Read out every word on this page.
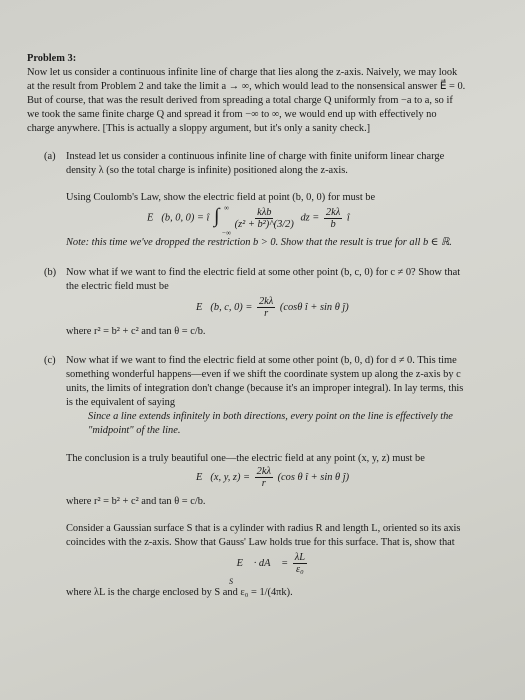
Problem 3:
Now let us consider a continuous infinite line of charge that lies along the z-axis. Naively, we may look
at the result from Problem 2 and take the limit a → ∞, which would lead to the nonsensical answer E⃗ = 0.
But of course, that was the result derived from spreading a total charge Q uniformly from −a to a, so if
we took the same finite charge Q and spread it from −∞ to ∞, we would end up with effectively no
charge anywhere. [This is actually a sloppy argument, but it's only a sanity check.]
(a) Instead let us consider a continuous infinite line of charge with finite uniform linear charge
density λ (so the total charge is infinite) positioned along the z-axis.
Using Coulomb's Law, show the electric field at point (b, 0, 0) for must be
E⃗(b, 0, 0) = î ∫ ∞
−∞

$\frac{\text{kλb}}{\text{(z² + b²)\textasciicircum{}(3/2)}}$ dz = $\frac{2k\lambda}{b}$ î
Note: this time we've dropped the restriction b > 0. Show that the result is true for all b ∈ ℝ.
(b) Now what if we want to find the electric field at some other point (b, c, 0) for c ≠ 0? Show that
the electric field must be
E⃗(b, c, $0) = \frac{2k\lambda}{r} (\cos\theta$ î + sin θ ĵ)
where r² = b² + c² and tan θ = c/b.
(c) Now what if we want to find the electric field at some other point (b, 0, d) for d ≠ 0. This time
something wonderful happens—even if we shift the coordinate system up along the z-axis by c
units, the limits of integration don't change (because it's an improper integral). In lay terms, this
is the equivalent of saying
Since a line extends infinitely in both directions, every point on the line is effectively the
"midpoint" of the line.
The conclusion is a truly beautiful one—the electric field at any point (x, y, z) must be
E⃗(x, y, $z) = \frac{2k\lambda}{r} (\cos$ θ î + sin θ ĵ)
where r² = b² + c² and tan θ = c/b.
Consider a Gaussian surface S that is a cylinder with radius R and length L, oriented so its axis
coincides with the z-axis. Show that Gauss' Law holds true for this surface. That is, show that
∮ E⃗ · dA⃗ = $\frac{\lambda L}{\text{ε₀}}$
S
where λL is the charge enclosed by S and ε₀ = 1/(4πk).
